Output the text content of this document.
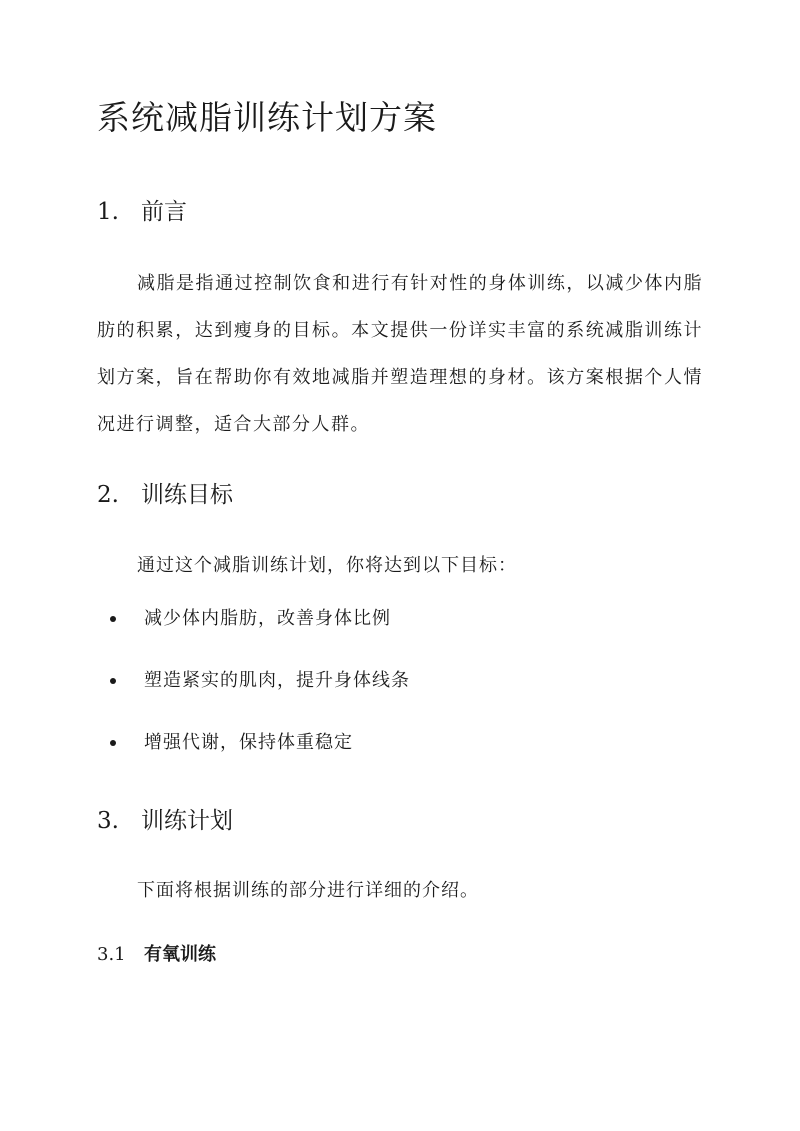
系统减脂训练计划方案
1. 前言

减脂是指通过控制饮食和进行有针对性的身体训练，以减少体内脂肪的积累，达到瘦身的目标。本文提供一份详实丰富的系统减脂训练计划方案，旨在帮助你有效地减脂并塑造理想的身材。该方案根据个人情况进行调整，适合大部分人群。

2. 训练目标

通过这个减脂训练计划，你将达到以下目标：

减少体内脂肪，改善身体比例
塑造紧实的肌肉，提升身体线条
增强代谢，保持体重稳定
3. 训练计划

下面将根据训练的部分进行详细的介绍。

3.1 有氧训练
